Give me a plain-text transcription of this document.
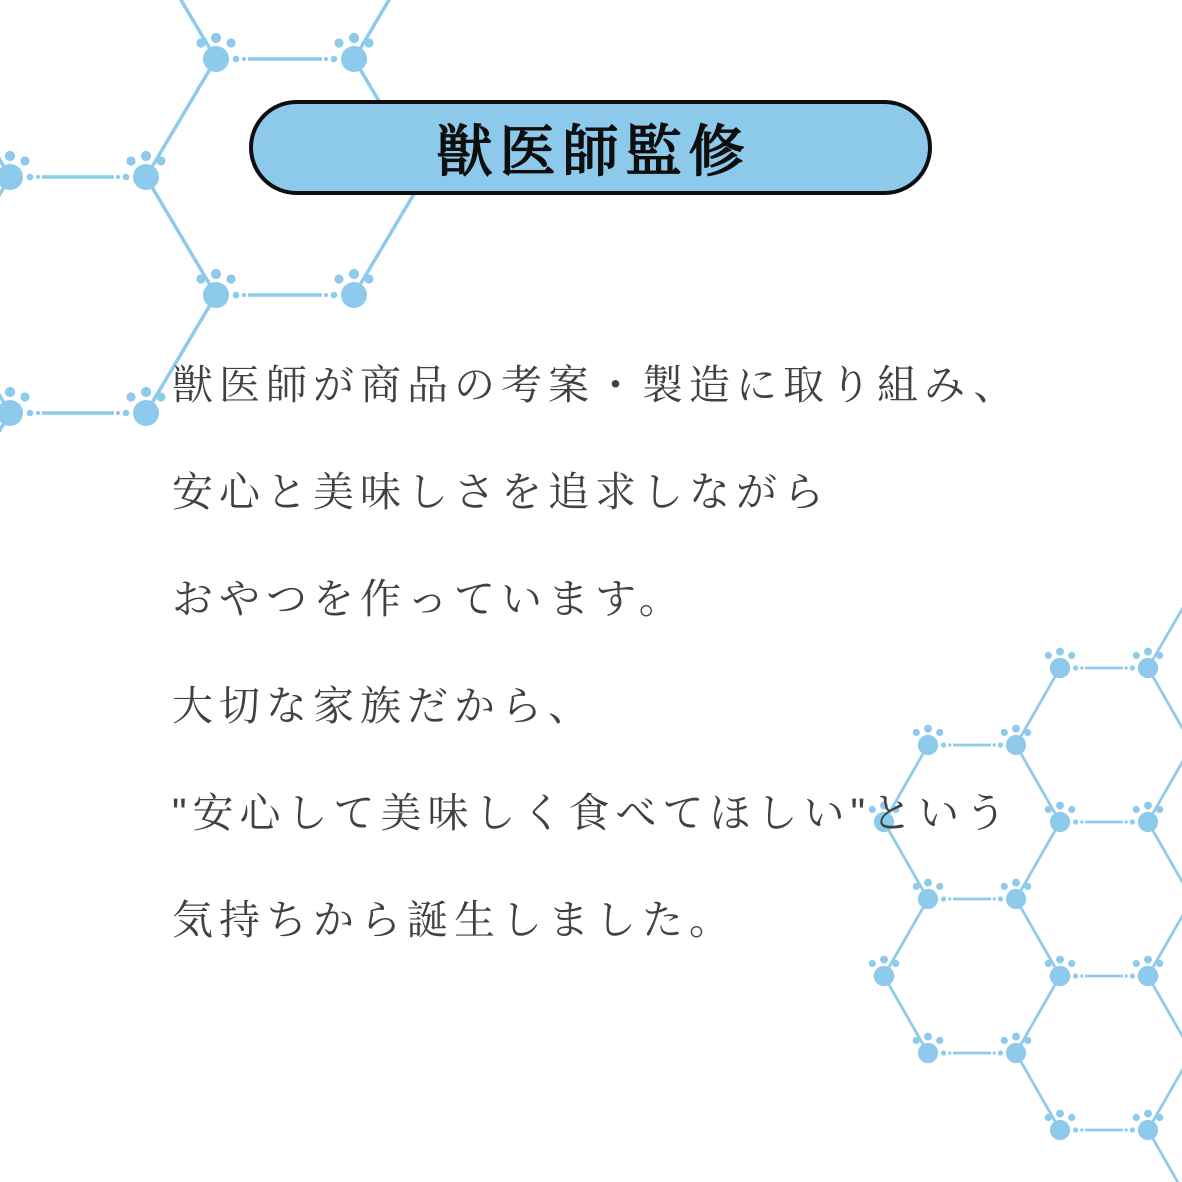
獣医師監修
獣医師が商品の考案・製造に取り組み、
安心と美味しさを追求しながら
おやつを作っています。
大切な家族だから、
"安心して美味しく食べてほしい"という
気持ちから誕生しました。
